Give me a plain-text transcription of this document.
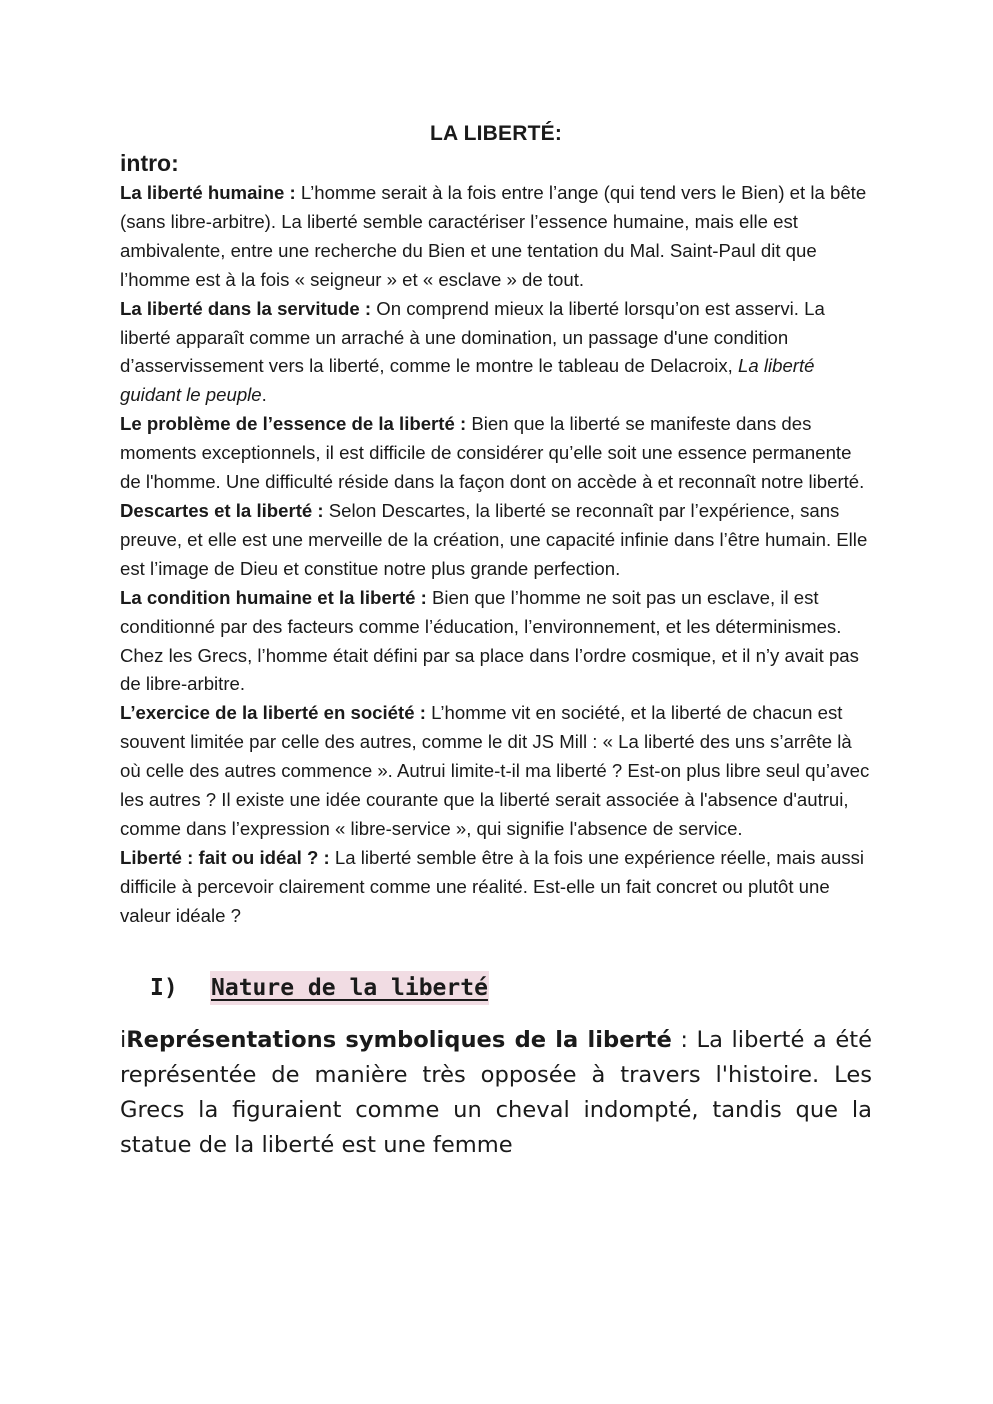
LA LIBERTÉ:
intro:

La liberté humaine : L’homme serait à la fois entre l’ange (qui tend vers le Bien) et la bête (sans libre-arbitre). La liberté semble caractériser l’essence humaine, mais elle est ambivalente, entre une recherche du Bien et une tentation du Mal. Saint-Paul dit que l’homme est à la fois « seigneur » et « esclave » de tout.

La liberté dans la servitude : On comprend mieux la liberté lorsqu’on est asservi. La liberté apparaît comme un arraché à une domination, un passage d'une condition d’asservissement vers la liberté, comme le montre le tableau de Delacroix, La liberté guidant le peuple.

Le problème de l’essence de la liberté : Bien que la liberté se manifeste dans des moments exceptionnels, il est difficile de considérer qu’elle soit une essence permanente de l'homme. Une difficulté réside dans la façon dont on accède à et reconnaît notre liberté.

Descartes et la liberté : Selon Descartes, la liberté se reconnaît par l’expérience, sans preuve, et elle est une merveille de la création, une capacité infinie dans l’être humain. Elle est l’image de Dieu et constitue notre plus grande perfection.

La condition humaine et la liberté : Bien que l’homme ne soit pas un esclave, il est conditionné par des facteurs comme l’éducation, l’environnement, et les déterminismes. Chez les Grecs, l’homme était défini par sa place dans l’ordre cosmique, et il n’y avait pas de libre-arbitre.

L’exercice de la liberté en société : L’homme vit en société, et la liberté de chacun est souvent limitée par celle des autres, comme le dit JS Mill : « La liberté des uns s’arrête là où celle des autres commence ». Autrui limite-t-il ma liberté ? Est-on plus libre seul qu’avec les autres ? Il existe une idée courante que la liberté serait associée à l'absence d'autrui, comme dans l’expression « libre-service », qui signifie l'absence de service.

Liberté : fait ou idéal ? : La liberté semble être à la fois une expérience réelle, mais aussi difficile à percevoir clairement comme une réalité. Est-elle un fait concret ou plutôt une valeur idéale ?

I)	Nature de la liberté

iReprésentations symboliques de la liberté : La liberté a été représentée de manière très opposée à travers l'histoire. Les Grecs la figuraient comme un cheval indompté, tandis que la statue de la liberté est une femme
